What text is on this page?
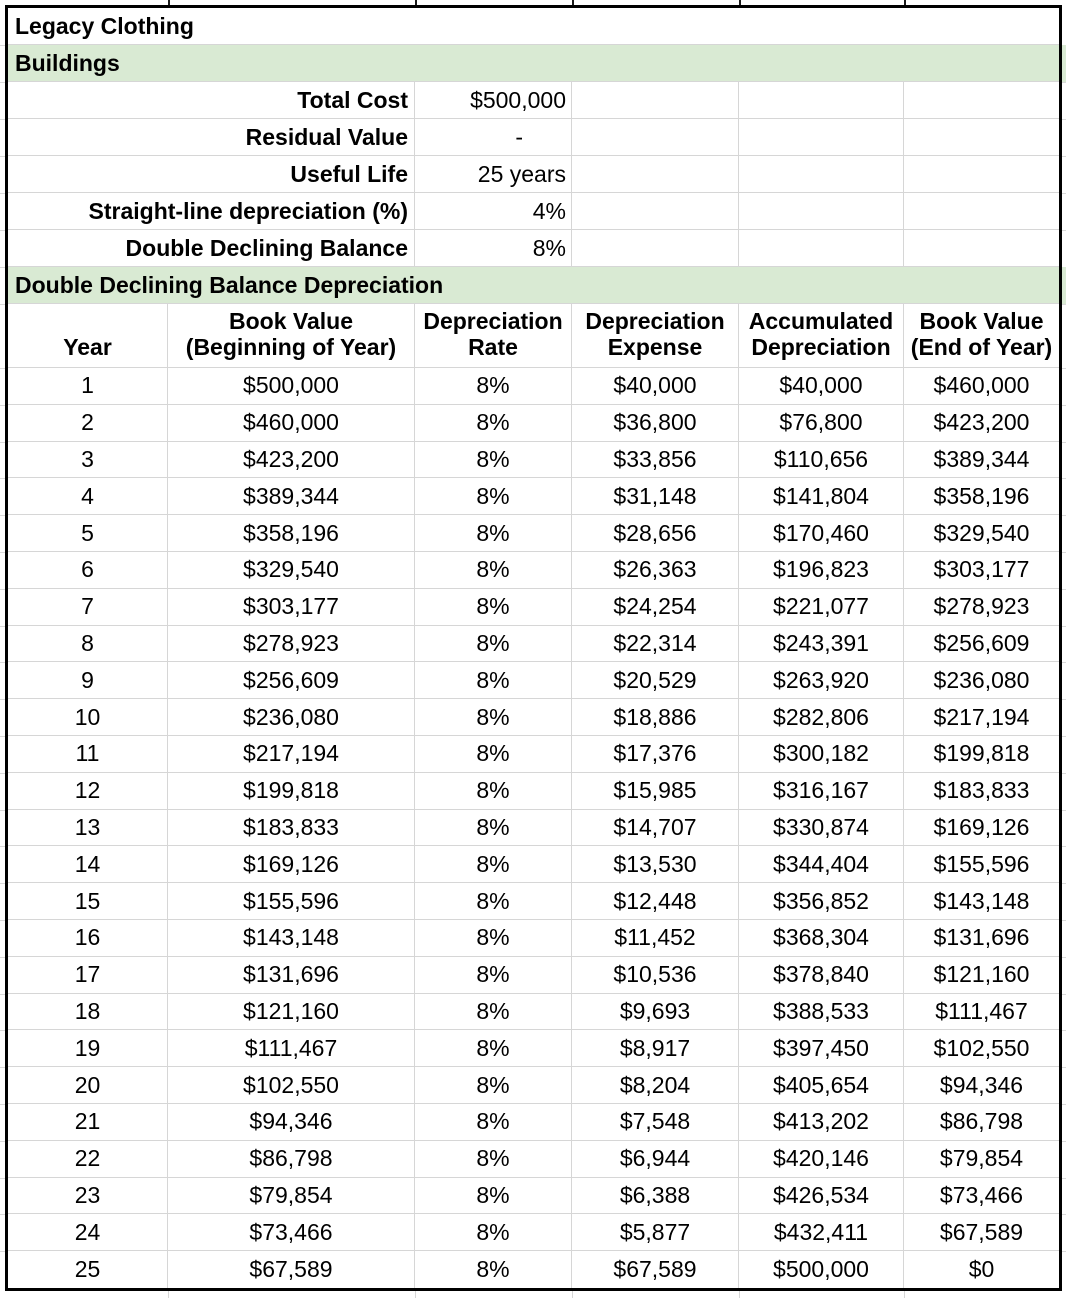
Legacy Clothing					
Buildings					
Total Cost		$500,000			
Residual Value		-			
Useful Life		25 years			
Straight-line depreciation (%)		4%			
Double Declining Balance		8%			
Double Declining Balance Depreciation					
Year	Book Value (Beginning of Year)	Depreciation Rate	Depreciation Expense	Accumulated Depreciation	Book Value (End of Year)
1	$500,000	8%	$40,000	$40,000	$460,000
2	$460,000	8%	$36,800	$76,800	$423,200
3	$423,200	8%	$33,856	$110,656	$389,344
4	$389,344	8%	$31,148	$141,804	$358,196
5	$358,196	8%	$28,656	$170,460	$329,540
6	$329,540	8%	$26,363	$196,823	$303,177
7	$303,177	8%	$24,254	$221,077	$278,923
8	$278,923	8%	$22,314	$243,391	$256,609
9	$256,609	8%	$20,529	$263,920	$236,080
10	$236,080	8%	$18,886	$282,806	$217,194
11	$217,194	8%	$17,376	$300,182	$199,818
12	$199,818	8%	$15,985	$316,167	$183,833
13	$183,833	8%	$14,707	$330,874	$169,126
14	$169,126	8%	$13,530	$344,404	$155,596
15	$155,596	8%	$12,448	$356,852	$143,148
16	$143,148	8%	$11,452	$368,304	$131,696
17	$131,696	8%	$10,536	$378,840	$121,160
18	$121,160	8%	$9,693	$388,533	$111,467
19	$111,467	8%	$8,917	$397,450	$102,550
20	$102,550	8%	$8,204	$405,654	$94,346
21	$94,346	8%	$7,548	$413,202	$86,798
22	$86,798	8%	$6,944	$420,146	$79,854
23	$79,854	8%	$6,388	$426,534	$73,466
24	$73,466	8%	$5,877	$432,411	$67,589
25	$67,589	8%	$67,589	$500,000	$0
